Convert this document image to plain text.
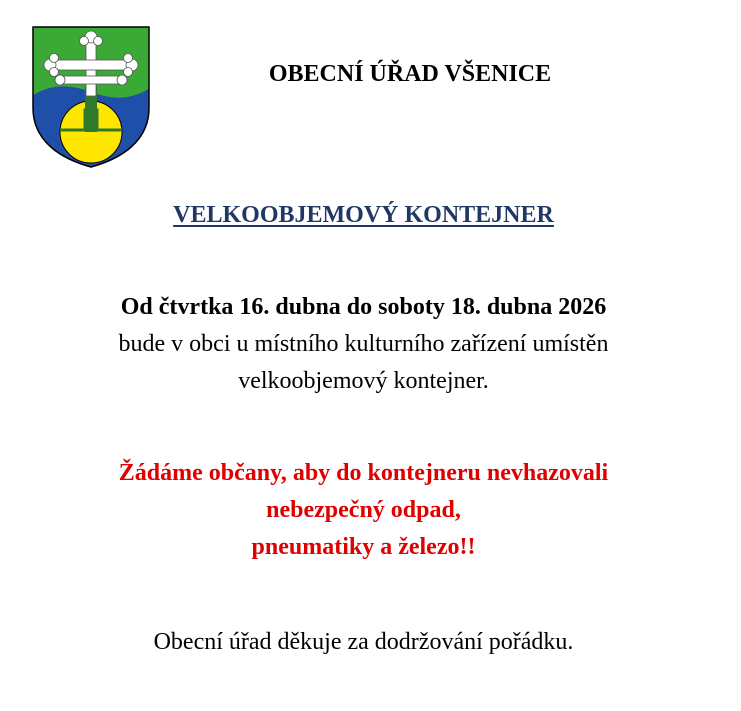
OBECNÍ ÚŘAD VŠENICE
VELKOOBJEMOVÝ KONTEJNER

Od čtvrtka 16. dubna do soboty 18. dubna 2026
bude v obci u místního kulturního zařízení umístěn
velkoobjemový kontejner.

Žádáme občany, aby do kontejneru nevhazovali
nebezpečný odpad,
pneumatiky a železo!!

Obecní úřad děkuje za dodržování pořádku.
